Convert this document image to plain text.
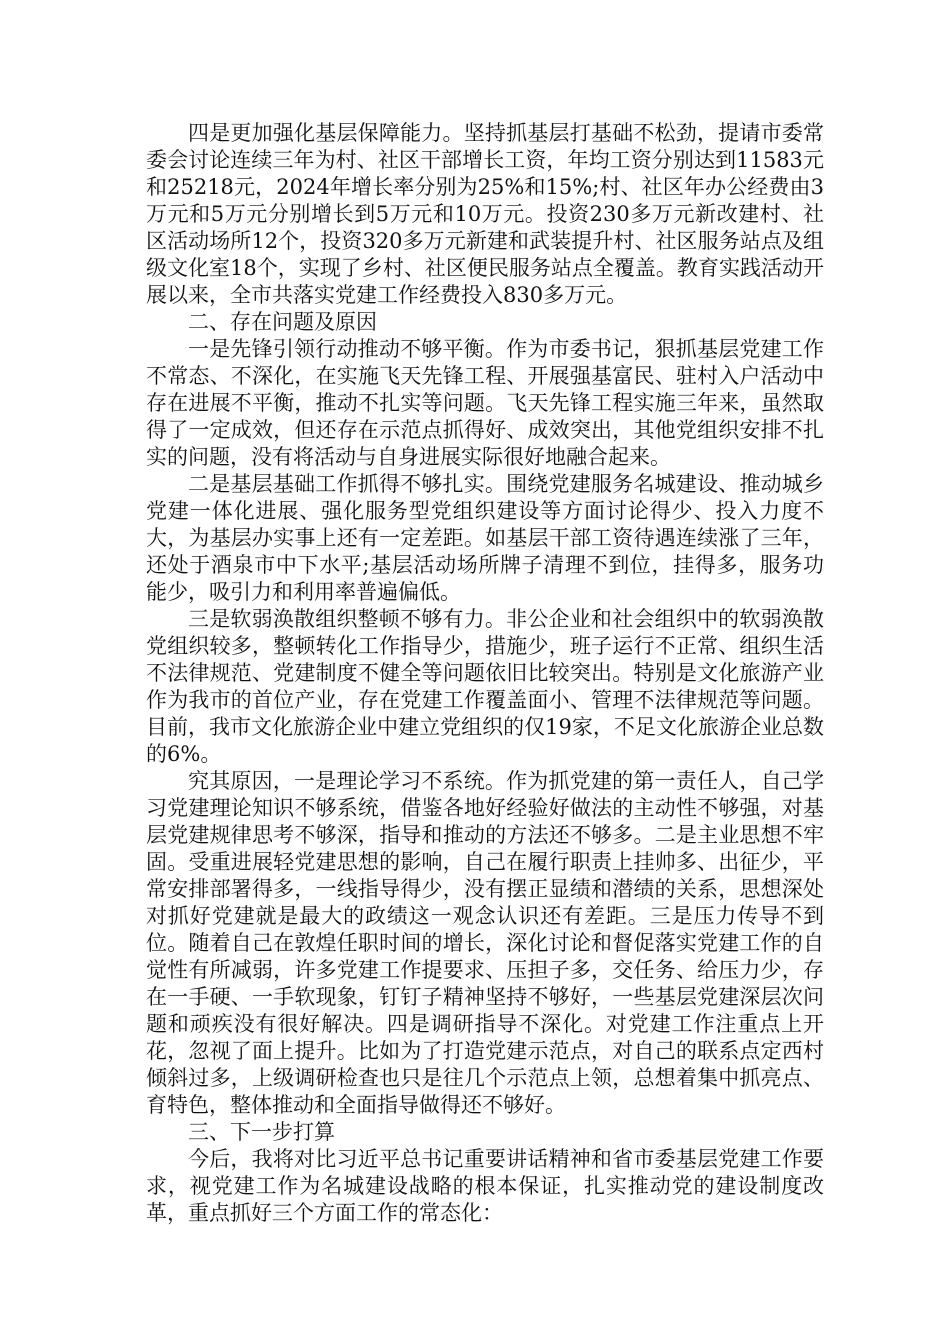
四是更加强化基层保障能力。坚持抓基层打基础不松劲，提请市委常委会讨论连续三年为村、社区干部增长工资，年均工资分别达到11583元和25218元，2024年增长率分别为25%和15%;村、社区年办公经费由3万元和5万元分别增长到5万元和10万元。投资230多万元新改建村、社区活动场所12个，投资320多万元新建和武装提升村、社区服务站点及组级文化室18个，实现了乡村、社区便民服务站点全覆盖。教育实践活动开展以来，全市共落实党建工作经费投入830多万元。

二、存在问题及原因

一是先锋引领行动推动不够平衡。作为市委书记，狠抓基层党建工作不常态、不深化，在实施飞天先锋工程、开展强基富民、驻村入户活动中存在进展不平衡，推动不扎实等问题。飞天先锋工程实施三年来，虽然取得了一定成效，但还存在示范点抓得好、成效突出，其他党组织安排不扎实的问题，没有将活动与自身进展实际很好地融合起来。

二是基层基础工作抓得不够扎实。围绕党建服务名城建设、推动城乡党建一体化进展、强化服务型党组织建设等方面讨论得少、投入力度不大，为基层办实事上还有一定差距。如基层干部工资待遇连续涨了三年，还处于酒泉市中下水平;基层活动场所牌子清理不到位，挂得多，服务功能少，吸引力和利用率普遍偏低。

三是软弱涣散组织整顿不够有力。非公企业和社会组织中的软弱涣散党组织较多，整顿转化工作指导少，措施少，班子运行不正常、组织生活不法律规范、党建制度不健全等问题依旧比较突出。特别是文化旅游产业作为我市的首位产业，存在党建工作覆盖面小、管理不法律规范等问题。目前，我市文化旅游企业中建立党组织的仅19家，不足文化旅游企业总数的6%。

究其原因，一是理论学习不系统。作为抓党建的第一责任人，自己学习党建理论知识不够系统，借鉴各地好经验好做法的主动性不够强，对基层党建规律思考不够深，指导和推动的方法还不够多。二是主业思想不牢固。受重进展轻党建思想的影响，自己在履行职责上挂帅多、出征少，平常安排部署得多，一线指导得少，没有摆正显绩和潜绩的关系，思想深处对抓好党建就是最大的政绩这一观念认识还有差距。三是压力传导不到位。随着自己在敦煌任职时间的增长，深化讨论和督促落实党建工作的自觉性有所减弱，许多党建工作提要求、压担子多，交任务、给压力少，存在一手硬、一手软现象，钉钉子精神坚持不够好，一些基层党建深层次问题和顽疾没有很好解决。四是调研指导不深化。对党建工作注重点上开花，忽视了面上提升。比如为了打造党建示范点，对自己的联系点定西村倾斜过多，上级调研检查也只是往几个示范点上领，总想着集中抓亮点、育特色，整体推动和全面指导做得还不够好。

三、下一步打算

今后，我将对比习近平总书记重要讲话精神和省市委基层党建工作要求，视党建工作为名城建设战略的根本保证，扎实推动党的建设制度改革，重点抓好三个方面工作的常态化：
